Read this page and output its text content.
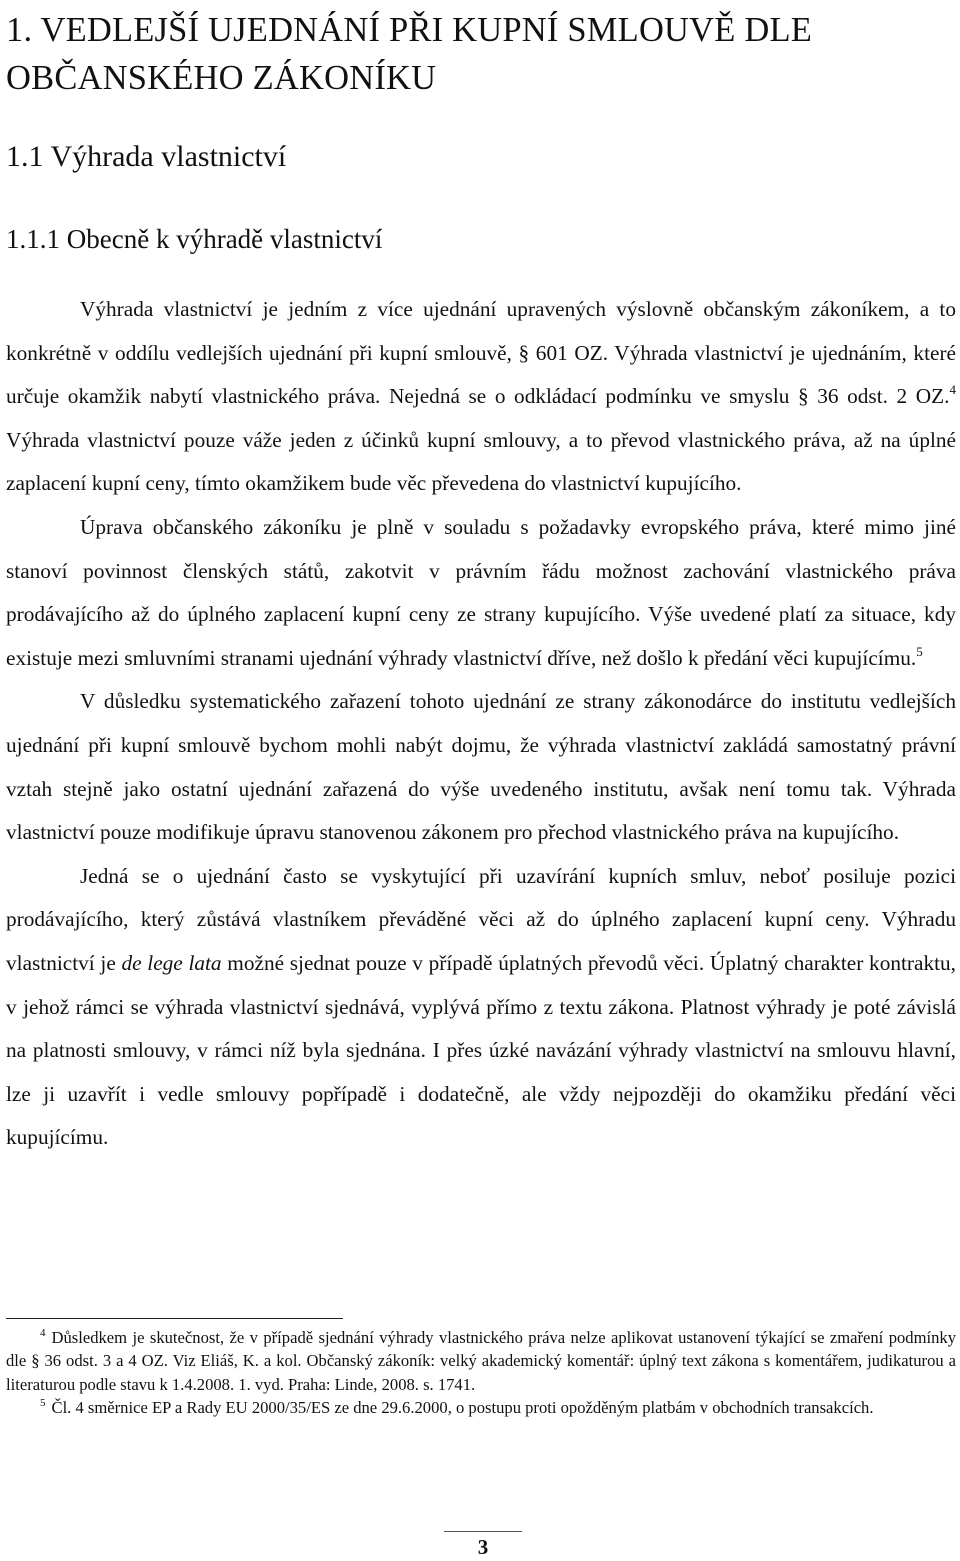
1. VEDLEJŠÍ UJEDNÁNÍ PŘI KUPNÍ SMLOUVĚ DLE OBČANSKÉHO ZÁKONÍKU
1.1 Výhrada vlastnictví
1.1.1 Obecně k výhradě vlastnictví

Výhrada vlastnictví je jedním z více ujednání upravených výslovně občanským zákoníkem, a to konkrétně v oddílu vedlejších ujednání při kupní smlouvě, § 601 OZ. Výhrada vlastnictví je ujednáním, které určuje okamžik nabytí vlastnického práva. Nejedná se o odkládací podmínku ve smyslu § 36 odst. 2 OZ.$^4$ Výhrada vlastnictví pouze váže jeden z účinků kupní smlouvy, a to převod vlastnického práva, až na úplné zaplacení kupní ceny, tímto okamžikem bude věc převedena do vlastnictví kupujícího.

Úprava občanského zákoníku je plně v souladu s požadavky evropského práva, které mimo jiné stanoví povinnost členských států, zakotvit v právním řádu možnost zachování vlastnického práva prodávajícího až do úplného zaplacení kupní ceny ze strany kupujícího. Výše uvedené platí za situace, kdy existuje mezi smluvními stranami ujednání výhrady vlastnictví dříve, než došlo k předání věci kupujícímu.$^5$

V důsledku systematického zařazení tohoto ujednání ze strany zákonodárce do institutu vedlejších ujednání při kupní smlouvě bychom mohli nabýt dojmu, že výhrada vlastnictví zakládá samostatný právní vztah stejně jako ostatní ujednání zařazená do výše uvedeného institutu, avšak není tomu tak. Výhrada vlastnictví pouze modifikuje úpravu stanovenou zákonem pro přechod vlastnického práva na kupujícího.

Jedná se o ujednání často se vyskytující při uzavírání kupních smluv, neboť posiluje pozici prodávajícího, který zůstává vlastníkem převáděné věci až do úplného zaplacení kupní ceny. Výhradu vlastnictví je de lege lata možné sjednat pouze v případě úplatných převodů věci. Úplatný charakter kontraktu, v jehož rámci se výhrada vlastnictví sjednává, vyplývá přímo z textu zákona. Platnost výhrady je poté závislá na platnosti smlouvy, v rámci níž byla sjednána. I přes úzké navázání výhrady vlastnictví na smlouvu hlavní, lze ji uzavřít i vedle smlouvy popřípadě i dodatečně, ale vždy nejpozději do okamžiku předání věci kupujícímu.

$^4$ Důsledkem je skutečnost, že v případě sjednání výhrady vlastnického práva nelze aplikovat ustanovení týkající se zmaření podmínky dle § 36 odst. 3 a 4 OZ. Viz Eliáš, K. a kol. Občanský zákoník: velký akademický komentář: úplný text zákona s komentářem, judikaturou a literaturou podle stavu k 1.4.2008. 1. vyd. Praha: Linde, 2008. s. 1741.

$^5$ Čl. 4 směrnice EP a Rady EU 2000/35/ES ze dne 29.6.2000, o postupu proti opožděným platbám v obchodních transakcích.

3
